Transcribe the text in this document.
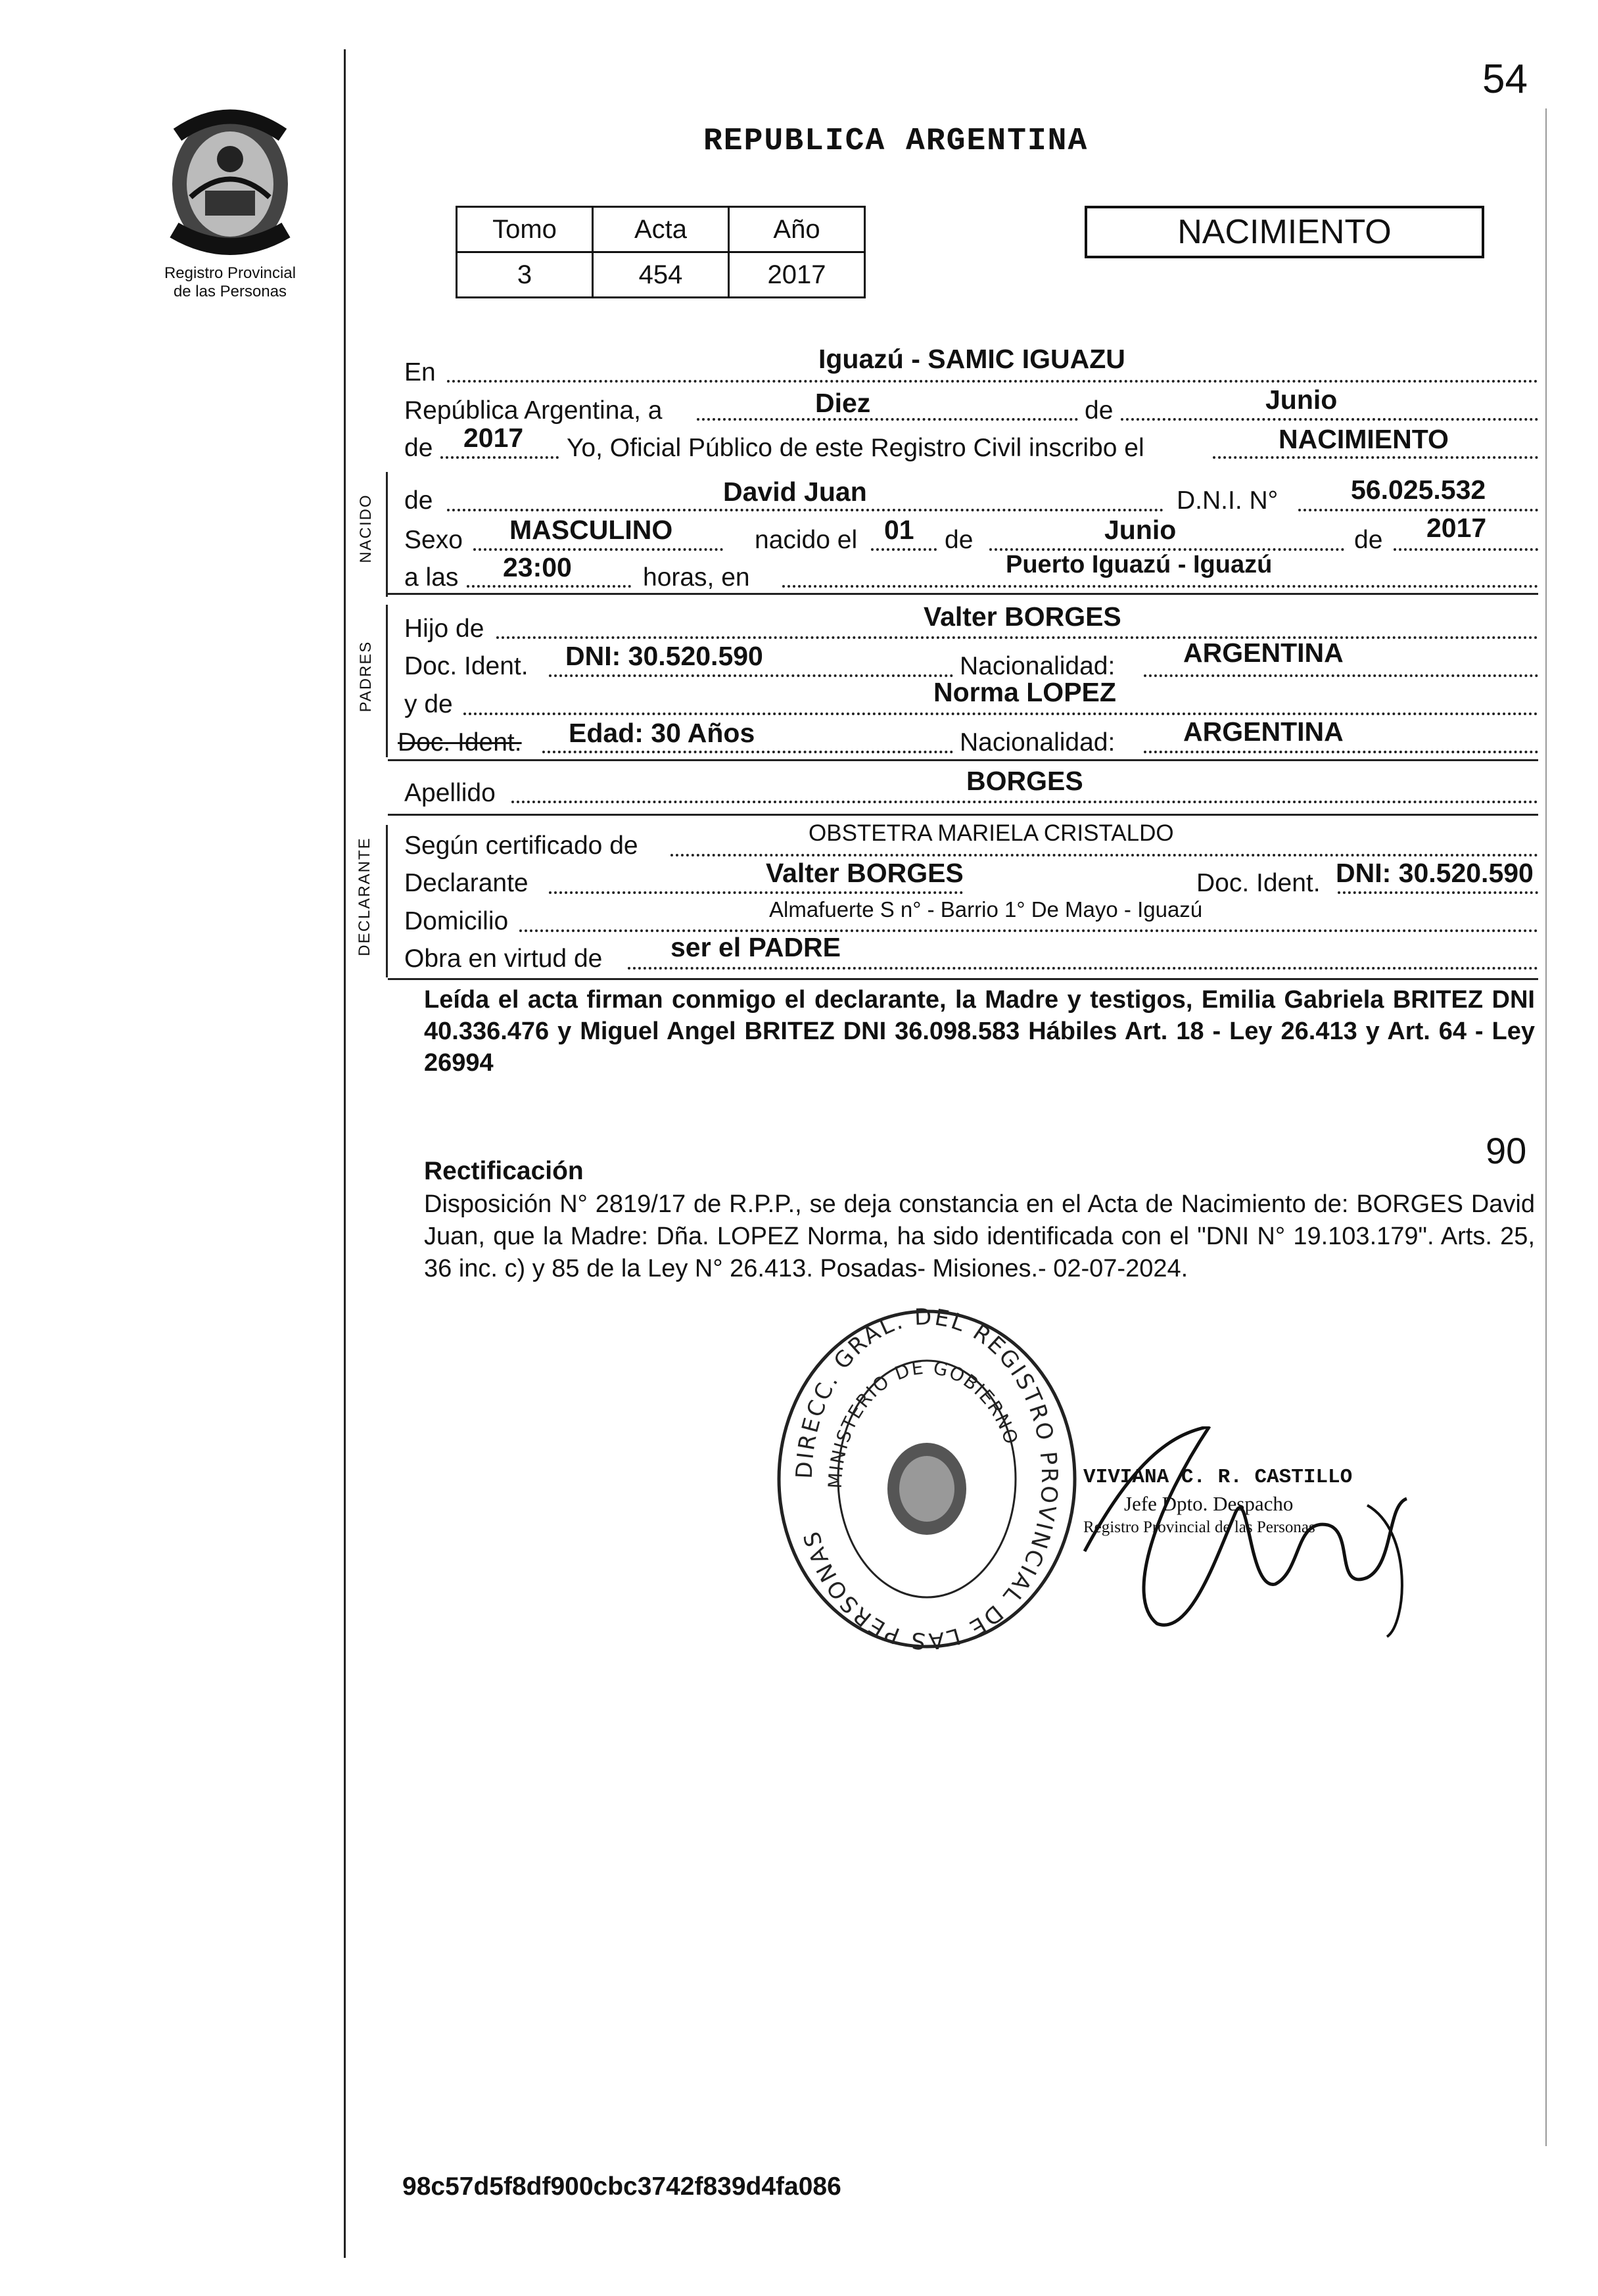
Registro Provincial
de las Personas
54
REPUBLICA ARGENTINA
Tomo	Acta	Año
3	454	2017
NACIMIENTO
En	Iguazú - SAMIC IGUAZU
República Argentina, a	Diez	de	Junio
de 2017 Yo, Oficial Público de este Registro Civil inscribo el	NACIMIENTO
NACIDO de	David Juan	D.N.I. N°	56.025.532
Sexo MASCULINO	nacido el 01 de	Junio	de 2017
a las 23:00	horas, en	Puerto Iguazú - Iguazú
PADRES
Hijo de	Valter BORGES
Doc. Ident. DNI: 30.520.590	Nacionalidad:	ARGENTINA
y de	Norma LOPEZ
Doc. Ident. Edad: 30 Años	Nacionalidad:	ARGENTINA
Apellido	BORGES
DECLARANTE Según certificado de	OBSTETRA MARIELA CRISTALDO
Declarante	Valter BORGES	Doc. Ident. DNI: 30.520.590
Domicilio	Almafuerte S n° - Barrio 1° De Mayo - Iguazú
Obra en virtud de	ser el PADRE
Leída el acta firman conmigo el declarante, la Madre y testigos, Emilia Gabriela BRITEZ DNI 40.336.476 y Miguel Angel BRITEZ DNI 36.098.583 Hábiles Art. 18 - Ley 26.413 y Art. 64 - Ley 26994
90
Rectificación
Disposición N° 2819/17 de R.P.P., se deja constancia en el Acta de Nacimiento de: BORGES David Juan, que la Madre: Dña. LOPEZ Norma, ha sido identificada con el "DNI N° 19.103.179". Arts. 25, 36 inc. c) y 85 de la Ley N° 26.413. Posadas- Misiones.- 02-07-2024.
DIRECC. GRAL. DEL REGISTRO PROVINCIAL DE LAS PERSONAS
MINISTERIO DE GOBIERNO
VIVIANA C. R. CASTILLO
Jefe Dpto. Despacho
Registro Provincial de las Personas
98c57d5f8df900cbc3742f839d4fa086
